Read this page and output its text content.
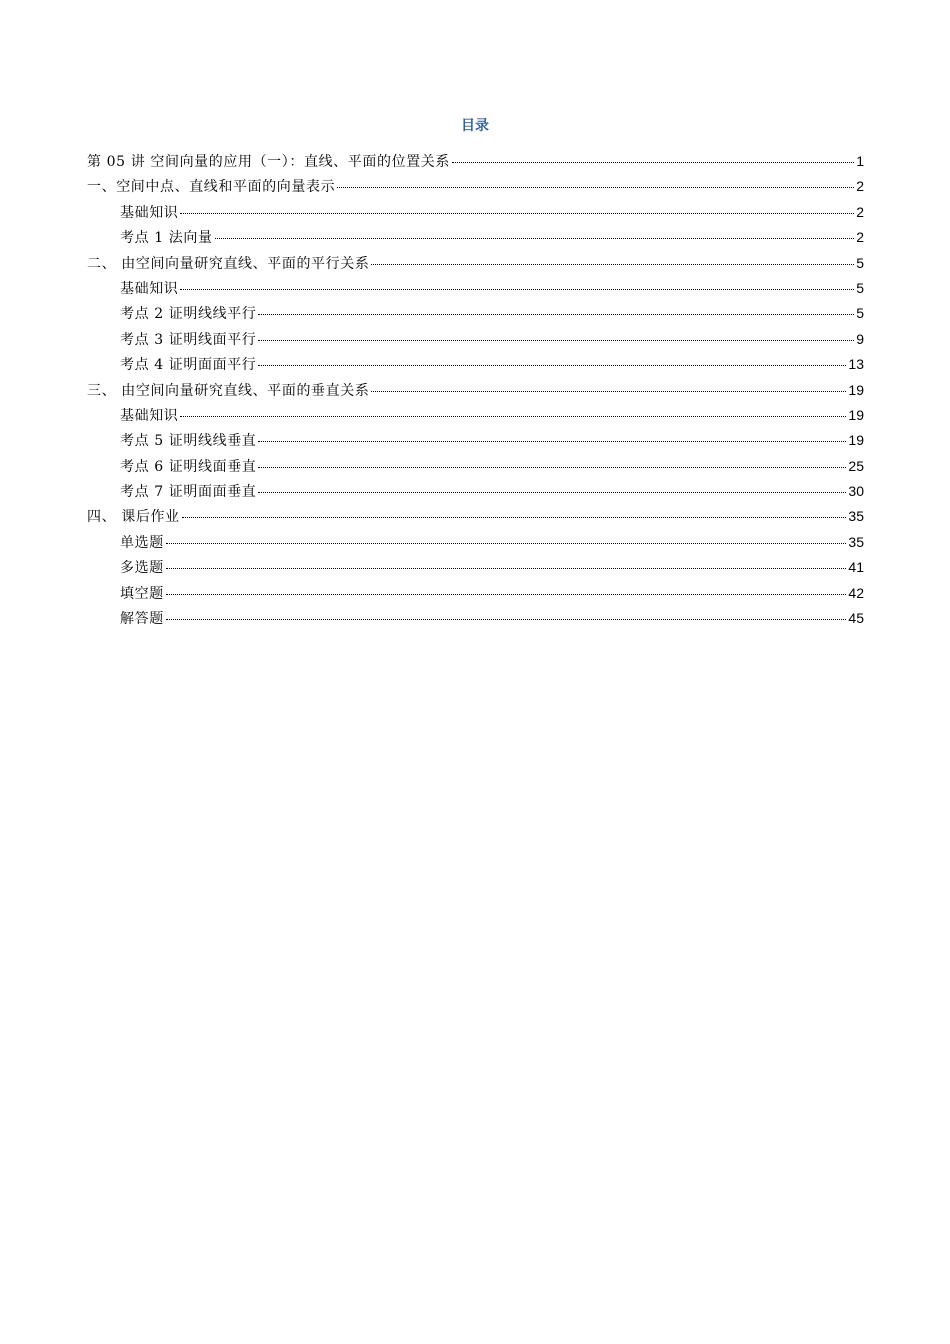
目录
第 05 讲 空间向量的应用（一）：直线、平面的位置关系	1
一、空间中点、直线和平面的向量表示	2
基础知识	2
考点 1 法向量	2
二、 由空间向量研究直线、平面的平行关系	5
基础知识	5
考点 2 证明线线平行	5
考点 3 证明线面平行	9
考点 4 证明面面平行	13
三、 由空间向量研究直线、平面的垂直关系	19
基础知识	19
考点 5 证明线线垂直	19
考点 6 证明线面垂直	25
考点 7 证明面面垂直	30
四、 课后作业	35
单选题	35
多选题	41
填空题	42
解答题	45
